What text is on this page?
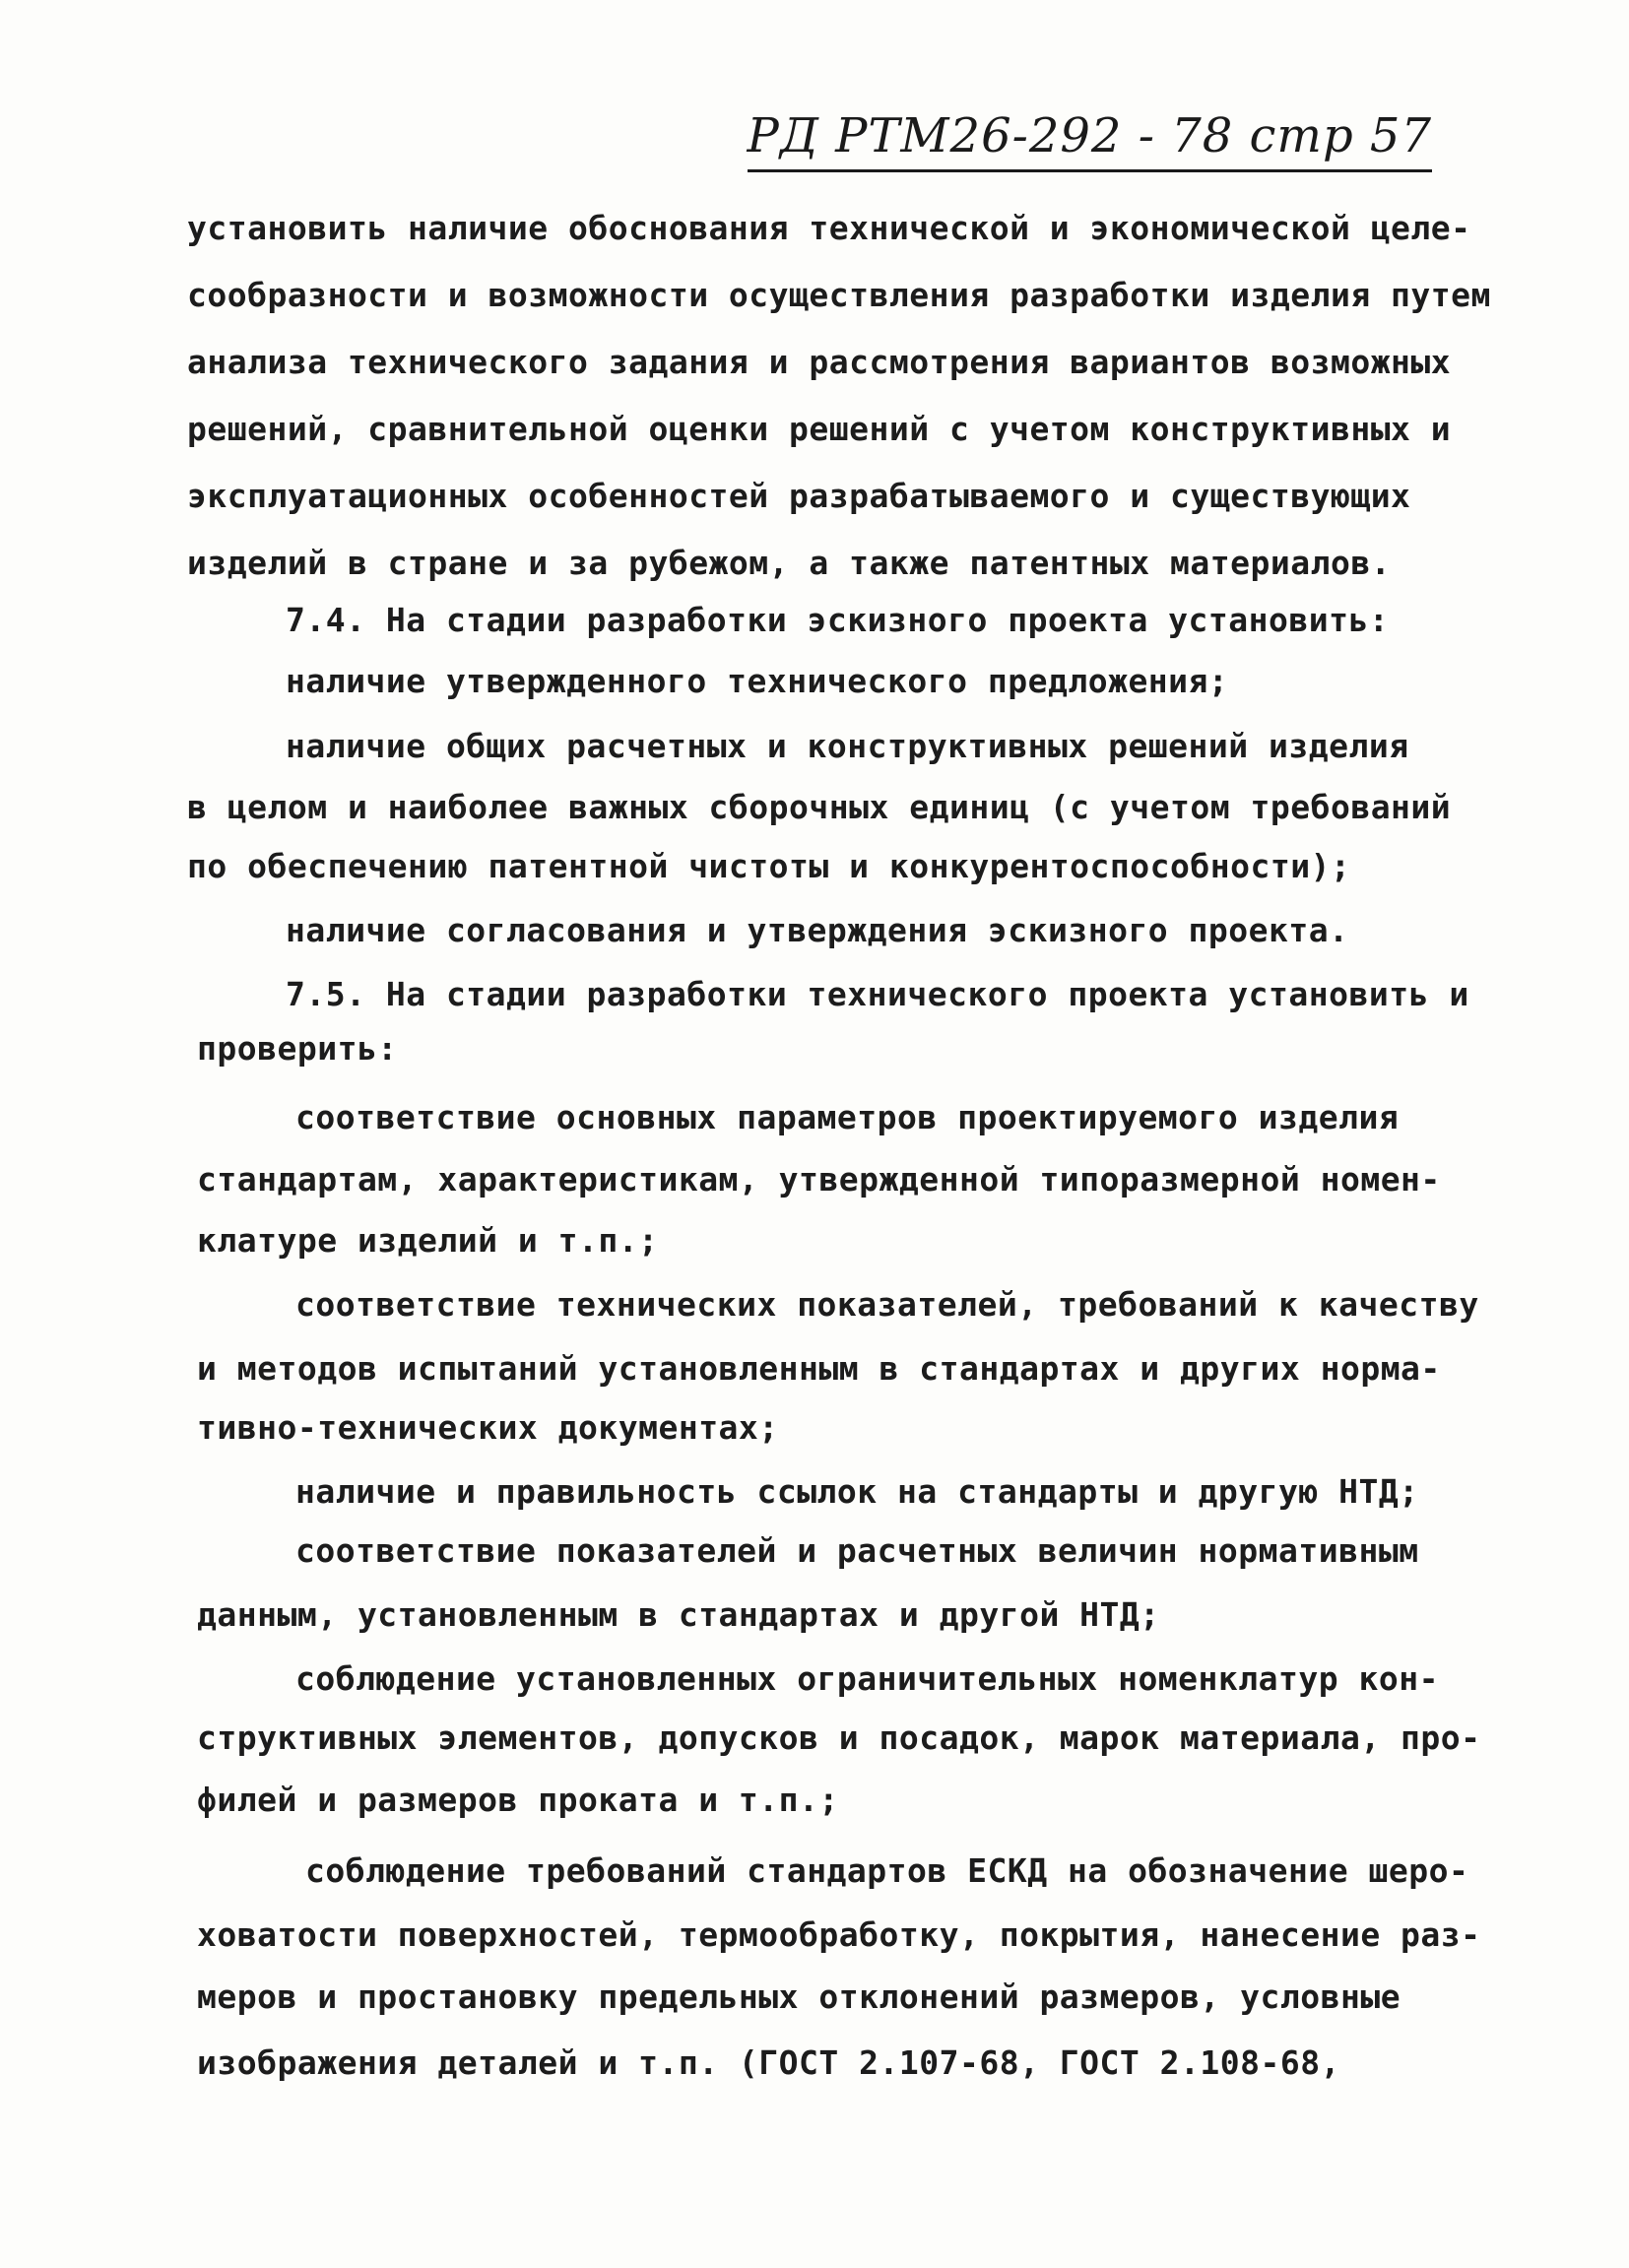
РД РТМ26-292 - 78 стр 57
установить наличие обоснования технической и экономической целе-
сообразности и возможности осуществления разработки изделия путем
анализа технического задания и рассмотрения вариантов возможных
решений, сравнительной оценки решений с учетом конструктивных и
эксплуатационных особенностей разрабатываемого и существующих
изделий в стране и за рубежом, а также патентных материалов.
7.4. На стадии разработки эскизного проекта установить:
наличие утвержденного технического предложения;
наличие общих расчетных и конструктивных решений изделия
в целом и наиболее важных сборочных единиц (с учетом требований
по обеспечению патентной чистоты и конкурентоспособности);
наличие согласования и утверждения эскизного проекта.
7.5. На стадии разработки технического проекта установить и
проверить:
соответствие основных параметров проектируемого изделия
стандартам, характеристикам, утвержденной типоразмерной номен-
клатуре изделий и т.п.;
соответствие технических показателей, требований к качеству
и методов испытаний установленным в стандартах и других норма-
тивно-технических документах;
наличие и правильность ссылок на стандарты и другую НТД;
соответствие показателей и расчетных величин нормативным
данным, установленным в стандартах и другой НТД;
соблюдение установленных ограничительных номенклатур кон-
структивных элементов, допусков и посадок, марок материала, про-
филей и размеров проката и т.п.;
соблюдение требований стандартов ЕСКД на обозначение шеро-
ховатости поверхностей, термообработку, покрытия, нанесение раз-
меров и простановку предельных отклонений размеров, условные
изображения деталей и т.п. (ГОСТ 2.107-68, ГОСТ 2.108-68,
